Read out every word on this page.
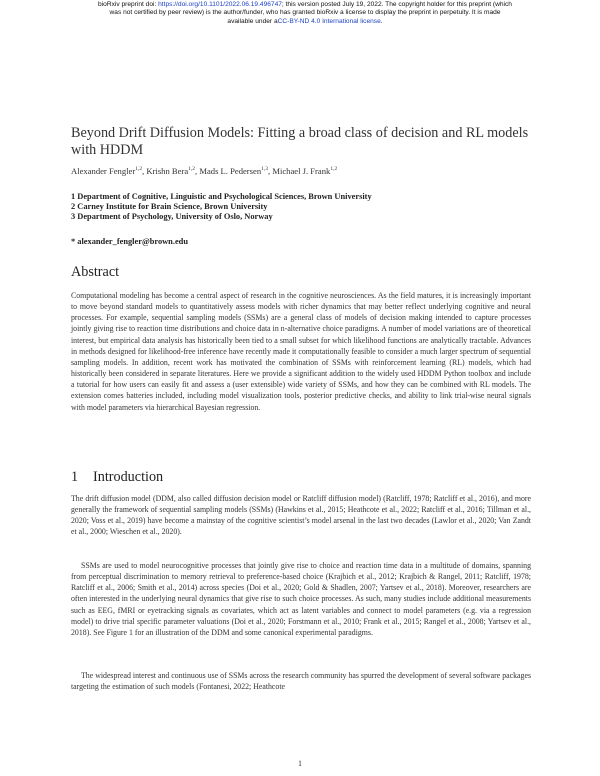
bioRxiv preprint doi: https://doi.org/10.1101/2022.06.19.496747; this version posted July 19, 2022. The copyright holder for this preprint (which
was not certified by peer review) is the author/funder, who has granted bioRxiv a license to display the preprint in perpetuity. It is made
available under aCC-BY-ND 4.0 International license.
Beyond Drift Diffusion Models: Fitting a broad class of decision and RL models with HDDM
Alexander Fengler$^{1,2}$, Krishn Bera$^{1,2}$, Mads L. Pedersen$^{1,3}$, Michael J. Frank$^{1,2}$
1 Department of Cognitive, Linguistic and Psychological Sciences, Brown University
2 Carney Institute for Brain Science, Brown University
3 Department of Psychology, University of Oslo, Norway
* alexander_fengler@brown.edu
Abstract
Computational modeling has become a central aspect of research in the cognitive neurosciences. As the field matures, it is increasingly important to move beyond standard models to quantitatively assess models with richer dynamics that may better reflect underlying cognitive and neural processes. For example, sequential sampling models (SSMs) are a general class of models of decision making intended to capture processes jointly giving rise to reaction time distributions and choice data in n-alternative choice paradigms. A number of model variations are of theoretical interest, but empirical data analysis has historically been tied to a small subset for which likelihood functions are analytically tractable. Advances in methods designed for likelihood-free inference have recently made it computationally feasible to consider a much larger spectrum of sequential sampling models. In addition, recent work has motivated the combination of SSMs with reinforcement learning (RL) models, which had historically been considered in separate literatures. Here we provide a significant addition to the widely used HDDM Python toolbox and include a tutorial for how users can easily fit and assess a (user extensible) wide variety of SSMs, and how they can be combined with RL models. The extension comes batteries included, including model visualization tools, posterior predictive checks, and ability to link trial-wise neural signals with model parameters via hierarchical Bayesian regression.
1 Introduction
The drift diffusion model (DDM, also called diffusion decision model or Ratcliff diffusion model) (Ratcliff, 1978; Ratcliff et al., 2016), and more generally the framework of sequential sampling models (SSMs) (Hawkins et al., 2015; Heathcote et al., 2022; Ratcliff et al., 2016; Tillman et al., 2020; Voss et al., 2019) have become a mainstay of the cognitive scientist’s model arsenal in the last two decades (Lawlor et al., 2020; Van Zandt et al., 2000; Wieschen et al., 2020).
SSMs are used to model neurocognitive processes that jointly give rise to choice and reaction time data in a multitude of domains, spanning from perceptual discrimination to memory retrieval to preference-based choice (Krajbich et al., 2012; Krajbich & Rangel, 2011; Ratcliff, 1978; Ratcliff et al., 2006; Smith et al., 2014) across species (Doi et al., 2020; Gold & Shadlen, 2007; Yartsev et al., 2018). Moreover, researchers are often interested in the underlying neural dynamics that give rise to such choice processes. As such, many studies include additional measurements such as EEG, fMRI or eyetracking signals as covariates, which act as latent variables and connect to model parameters (e.g. via a regression model) to drive trial specific parameter valuations (Doi et al., 2020; Forstmann et al., 2010; Frank et al., 2015; Rangel et al., 2008; Yartsev et al., 2018). See Figure 1 for an illustration of the DDM and some canonical experimental paradigms.
The widespread interest and continuous use of SSMs across the research community has spurred the development of several software packages targeting the estimation of such models (Fontanesi, 2022; Heathcote
1
